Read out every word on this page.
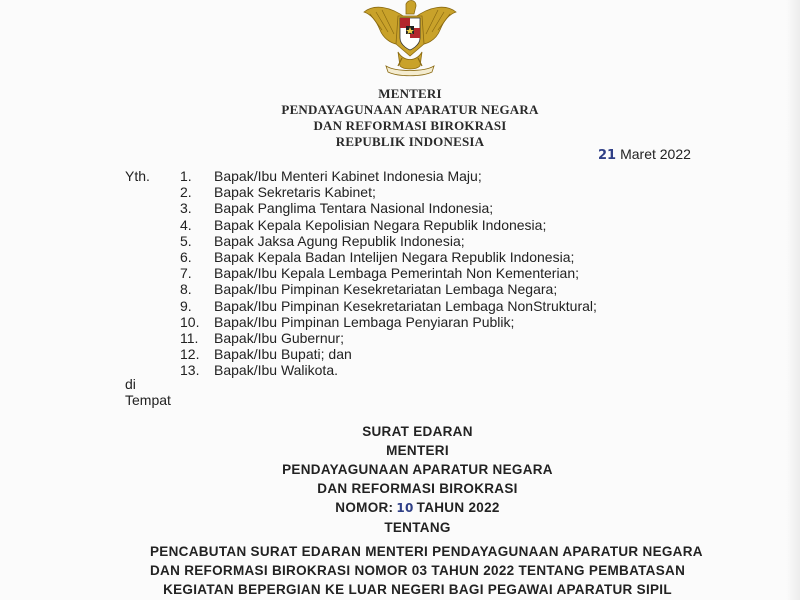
MENTERI
PENDAYAGUNAAN APARATUR NEGARA
DAN REFORMASI BIROKRASI
REPUBLIK INDONESIA
21 Maret 2022
Yth. 1. Bapak/Ibu Menteri Kabinet Indonesia Maju;
2. Bapak Sekretaris Kabinet;
3. Bapak Panglima Tentara Nasional Indonesia;
4. Bapak Kepala Kepolisian Negara Republik Indonesia;
5. Bapak Jaksa Agung Republik Indonesia;
6. Bapak Kepala Badan Intelijen Negara Republik Indonesia;
7. Bapak/Ibu Kepala Lembaga Pemerintah Non Kementerian;
8. Bapak/Ibu Pimpinan Kesekretariatan Lembaga Negara;
9. Bapak/Ibu Pimpinan Kesekretariatan Lembaga NonStruktural;
10. Bapak/Ibu Pimpinan Lembaga Penyiaran Publik;
11. Bapak/Ibu Gubernur;
12. Bapak/Ibu Bupati; dan
13. Bapak/Ibu Walikota.
di
Tempat
SURAT EDARAN
MENTERI
PENDAYAGUNAAN APARATUR NEGARA
DAN REFORMASI BIROKRASI
NOMOR: 10 TAHUN 2022
TENTANG
PENCABUTAN SURAT EDARAN MENTERI PENDAYAGUNAAN APARATUR NEGARA
DAN REFORMASI BIROKRASI NOMOR 03 TAHUN 2022 TENTANG PEMBATASAN
KEGIATAN BEPERGIAN KE LUAR NEGERI BAGI PEGAWAI APARATUR SIPIL
